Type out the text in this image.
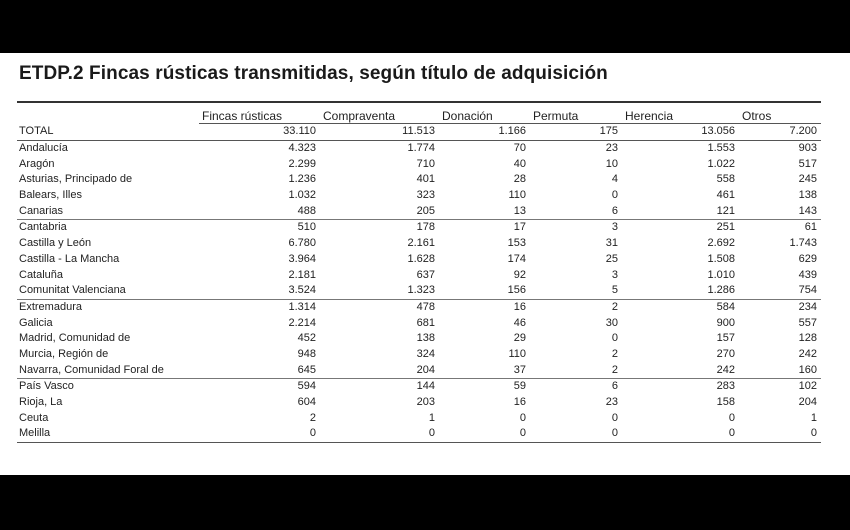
ETDP.2 Fincas rústicas transmitidas, según título de adquisición
	Fincas rústicas	Compraventa	Donación	Permuta	Herencia	Otros
TOTAL	33.110	11.513	1.166	175	13.056	7.200
Andalucía	4.323	1.774	70	23	1.553	903
Aragón	2.299	710	40	10	1.022	517
Asturias, Principado de	1.236	401	28	4	558	245
Balears, Illes	1.032	323	110	0	461	138
Canarias	488	205	13	6	121	143
Cantabria	510	178	17	3	251	61
Castilla y León	6.780	2.161	153	31	2.692	1.743
Castilla - La Mancha	3.964	1.628	174	25	1.508	629
Cataluña	2.181	637	92	3	1.010	439
Comunitat Valenciana	3.524	1.323	156	5	1.286	754
Extremadura	1.314	478	16	2	584	234
Galicia	2.214	681	46	30	900	557
Madrid, Comunidad de	452	138	29	0	157	128
Murcia, Región de	948	324	110	2	270	242
Navarra, Comunidad Foral de	645	204	37	2	242	160
País Vasco	594	144	59	6	283	102
Rioja, La	604	203	16	23	158	204
Ceuta	2	1	0	0	0	1
Melilla	0	0	0	0	0	0
